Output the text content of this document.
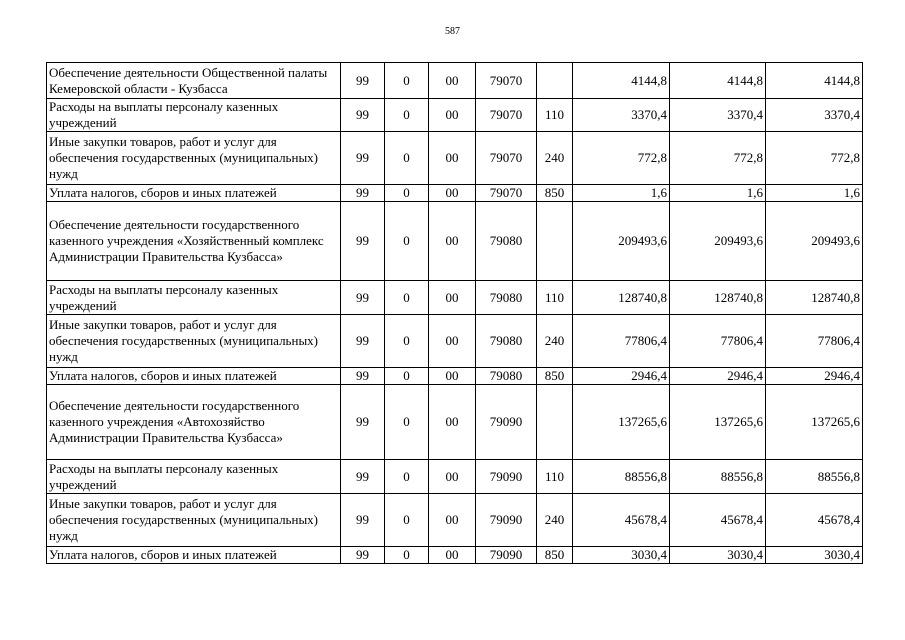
587
Обеспечение деятельности Общественной палаты Кемеровской области - Кузбасса	99	0	00	79070		4144,8	4144,8	4144,8
Расходы на выплаты персоналу казенных учреждений	99	0	00	79070	110	3370,4	3370,4	3370,4
Иные закупки товаров, работ и услуг для обеспечения государственных (муниципальных) нужд	99	0	00	79070	240	772,8	772,8	772,8
Уплата налогов, сборов и иных платежей	99	0	00	79070	850	1,6	1,6	1,6
Обеспечение деятельности государственного казенного учреждения «Хозяйственный комплекс Администрации Правительства Кузбасса»	99	0	00	79080		209493,6	209493,6	209493,6
Расходы на выплаты персоналу казенных учреждений	99	0	00	79080	110	128740,8	128740,8	128740,8
Иные закупки товаров, работ и услуг для обеспечения государственных (муниципальных) нужд	99	0	00	79080	240	77806,4	77806,4	77806,4
Уплата налогов, сборов и иных платежей	99	0	00	79080	850	2946,4	2946,4	2946,4
Обеспечение деятельности государственного казенного учреждения «Автохозяйство Администрации Правительства Кузбасса»	99	0	00	79090		137265,6	137265,6	137265,6
Расходы на выплаты персоналу казенных учреждений	99	0	00	79090	110	88556,8	88556,8	88556,8
Иные закупки товаров, работ и услуг для обеспечения государственных (муниципальных) нужд	99	0	00	79090	240	45678,4	45678,4	45678,4
Уплата налогов, сборов и иных платежей	99	0	00	79090	850	3030,4	3030,4	3030,4
